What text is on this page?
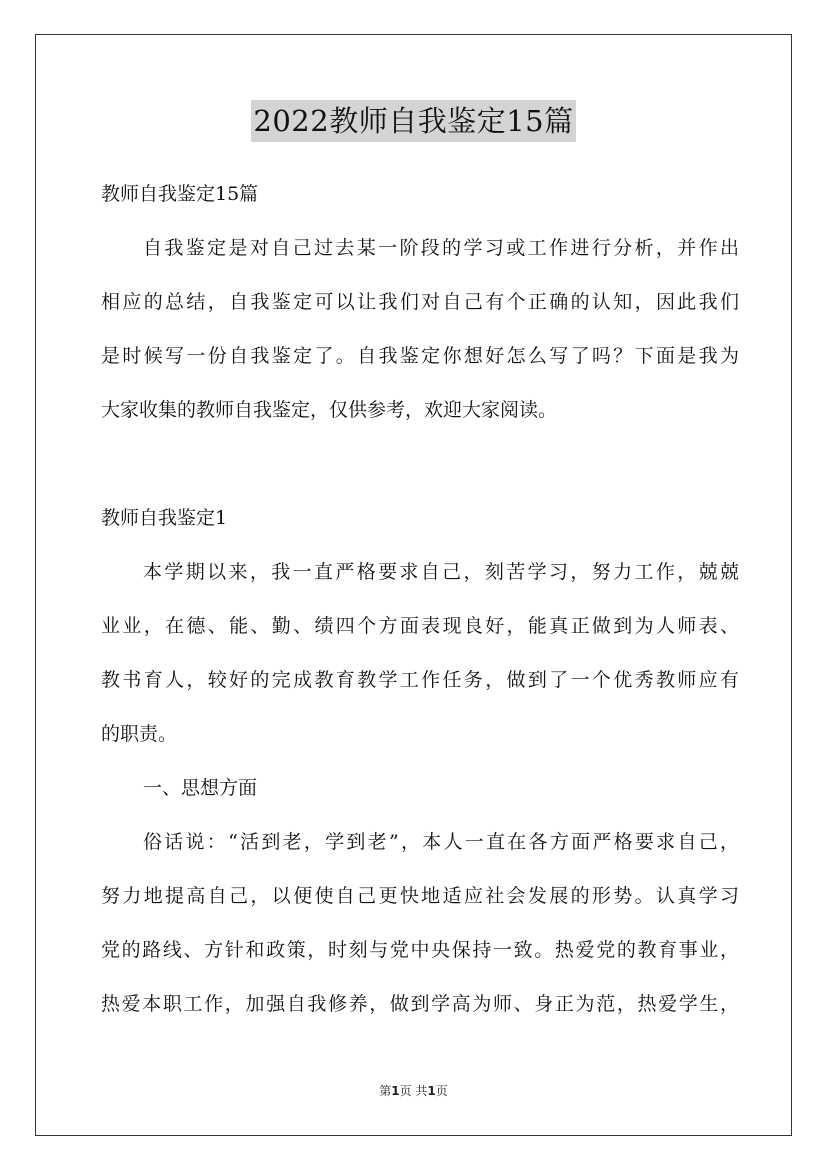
2022教师自我鉴定15篇
教师自我鉴定15篇
自我鉴定是对自己过去某一阶段的学习或工作进行分析，并作出
相应的总结，自我鉴定可以让我们对自己有个正确的认知，因此我们
是时候写一份自我鉴定了。自我鉴定你想好怎么写了吗？下面是我为
大家收集的教师自我鉴定，仅供参考，欢迎大家阅读。
教师自我鉴定1
本学期以来，我一直严格要求自己，刻苦学习，努力工作，兢兢
业业，在德、能、勤、绩四个方面表现良好，能真正做到为人师表、
教书育人，较好的完成教育教学工作任务，做到了一个优秀教师应有
的职责。
一、思想方面
俗话说：“活到老，学到老”，本人一直在各方面严格要求自己，
努力地提高自己，以便使自己更快地适应社会发展的形势。认真学习
党的路线、方针和政策，时刻与党中央保持一致。热爱党的教育事业，
热爱本职工作，加强自我修养，做到学高为师、身正为范，热爱学生，
第1页 共1页
